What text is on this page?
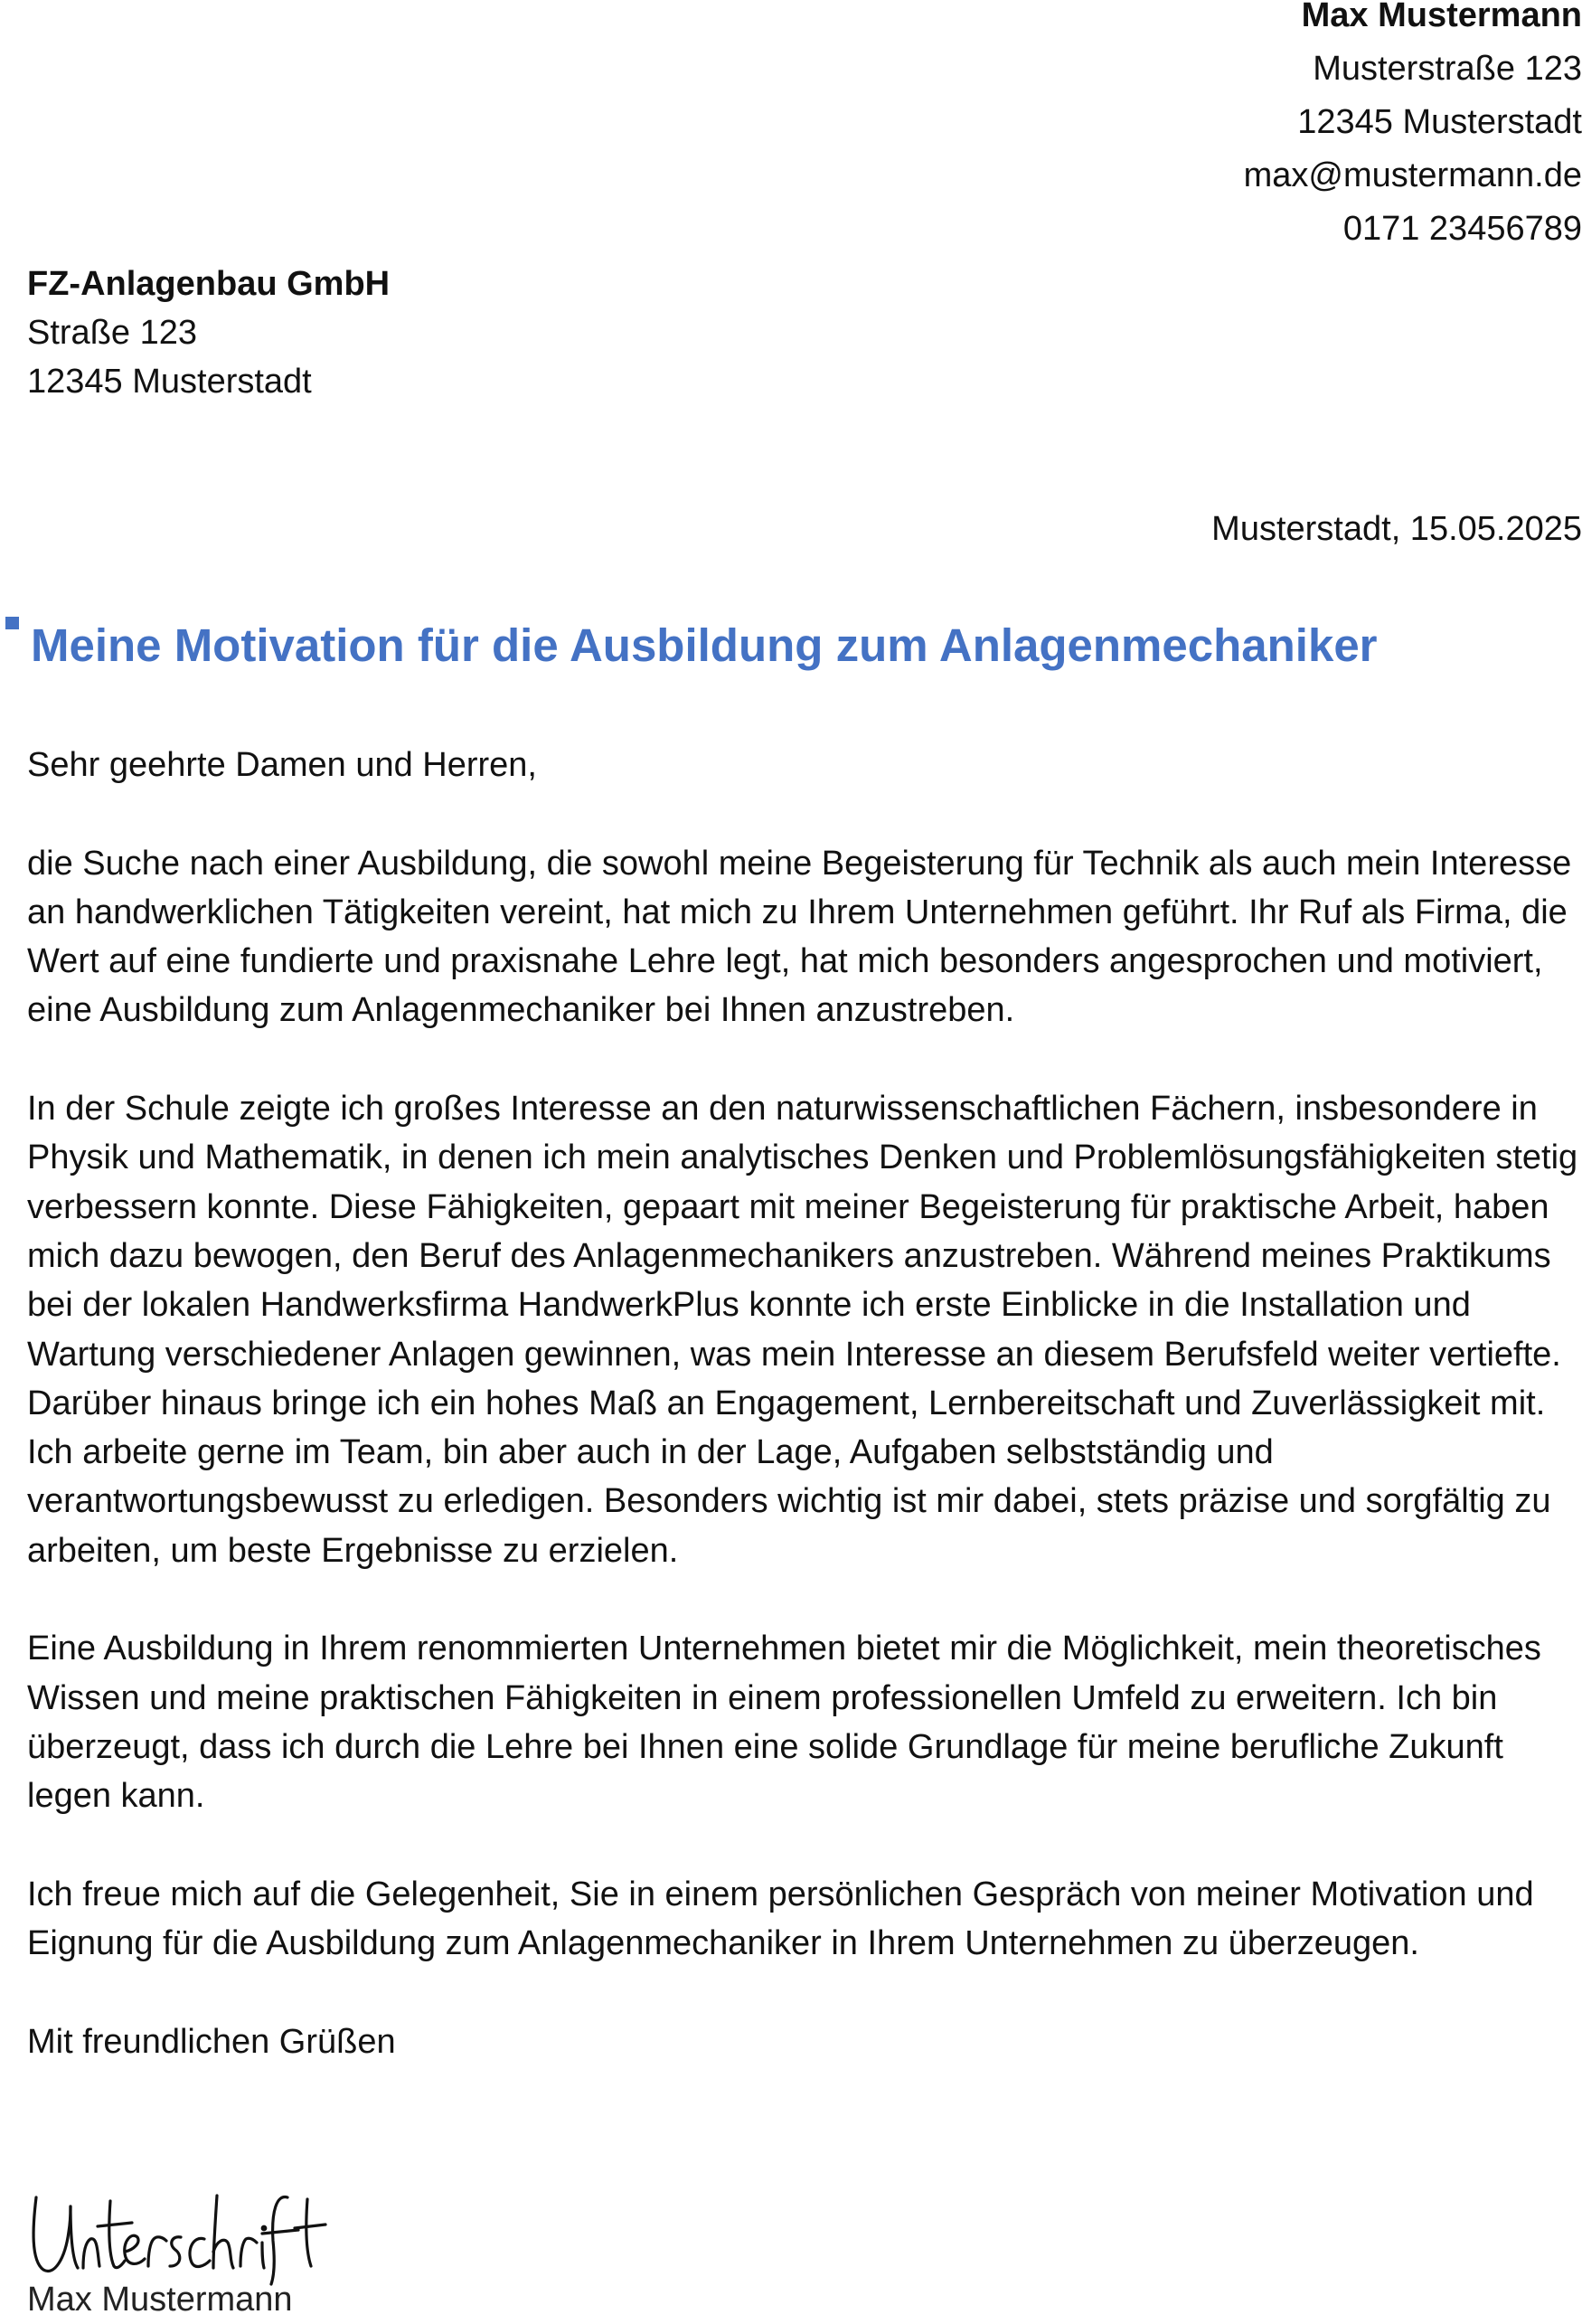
Max Mustermann
Musterstraße 123
12345 Musterstadt
max@mustermann.de
0171 23456789
FZ-Anlagenbau GmbH
Straße 123
12345 Musterstadt
Musterstadt, 15.05.2025
Meine Motivation für die Ausbildung zum Anlagenmechaniker

Sehr geehrte Damen und Herren,

die Suche nach einer Ausbildung, die sowohl meine Begeisterung für Technik als auch mein Interesse an handwerklichen Tätigkeiten vereint, hat mich zu Ihrem Unternehmen geführt. Ihr Ruf als Firma, die Wert auf eine fundierte und praxisnahe Lehre legt, hat mich besonders angesprochen und motiviert, eine Ausbildung zum Anlagenmechaniker bei Ihnen anzustreben.

In der Schule zeigte ich großes Interesse an den naturwissenschaftlichen Fächern, insbesondere in Physik und Mathematik, in denen ich mein analytisches Denken und Problemlösungsfähigkeiten stetig verbessern konnte. Diese Fähigkeiten, gepaart mit meiner Begeisterung für praktische Arbeit, haben mich dazu bewogen, den Beruf des Anlagenmechanikers anzustreben. Während meines Praktikums bei der lokalen Handwerksfirma HandwerkPlus konnte ich erste Einblicke in die Installation und Wartung verschiedener Anlagen gewinnen, was mein Interesse an diesem Berufsfeld weiter vertiefte. Darüber hinaus bringe ich ein hohes Maß an Engagement, Lernbereitschaft und Zuverlässigkeit mit. Ich arbeite gerne im Team, bin aber auch in der Lage, Aufgaben selbstständig und verantwortungsbewusst zu erledigen. Besonders wichtig ist mir dabei, stets präzise und sorgfältig zu arbeiten, um beste Ergebnisse zu erzielen.

Eine Ausbildung in Ihrem renommierten Unternehmen bietet mir die Möglichkeit, mein theoretisches Wissen und meine praktischen Fähigkeiten in einem professionellen Umfeld zu erweitern. Ich bin überzeugt, dass ich durch die Lehre bei Ihnen eine solide Grundlage für meine berufliche Zukunft legen kann.

Ich freue mich auf die Gelegenheit, Sie in einem persönlichen Gespräch von meiner Motivation und Eignung für die Ausbildung zum Anlagenmechaniker in Ihrem Unternehmen zu überzeugen.

Mit freundlichen Grüßen

Max Mustermann
